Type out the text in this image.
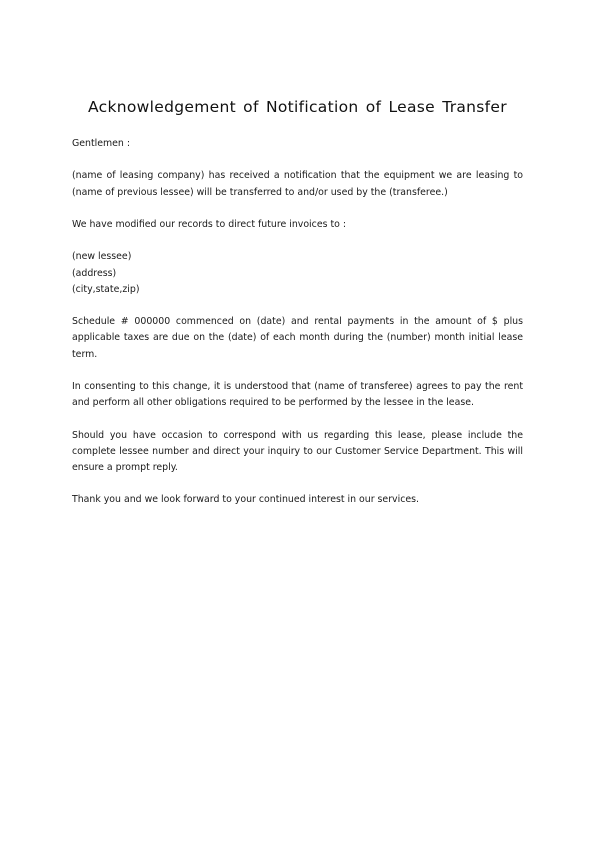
Acknowledgement of Notification of Lease Transfer

Gentlemen :

(name of leasing company) has received a notification that the equipment we are leasing to (name of previous lessee) will be transferred to and/or used by the (transferee.)

We have modified our records to direct future invoices to :

(new lessee)
(address)
(city,state,zip)

Schedule # 000000 commenced on (date) and rental payments in the amount of $ plus applicable taxes are due on the (date) of each month during the (number) month initial lease term.

In consenting to this change, it is understood that (name of transferee) agrees to pay the rent and perform all other obligations required to be performed by the lessee in the lease.

Should you have occasion to correspond with us regarding this lease, please include the complete lessee number and direct your inquiry to our Customer Service Department. This will ensure a prompt reply.

Thank you and we look forward to your continued interest in our services.
